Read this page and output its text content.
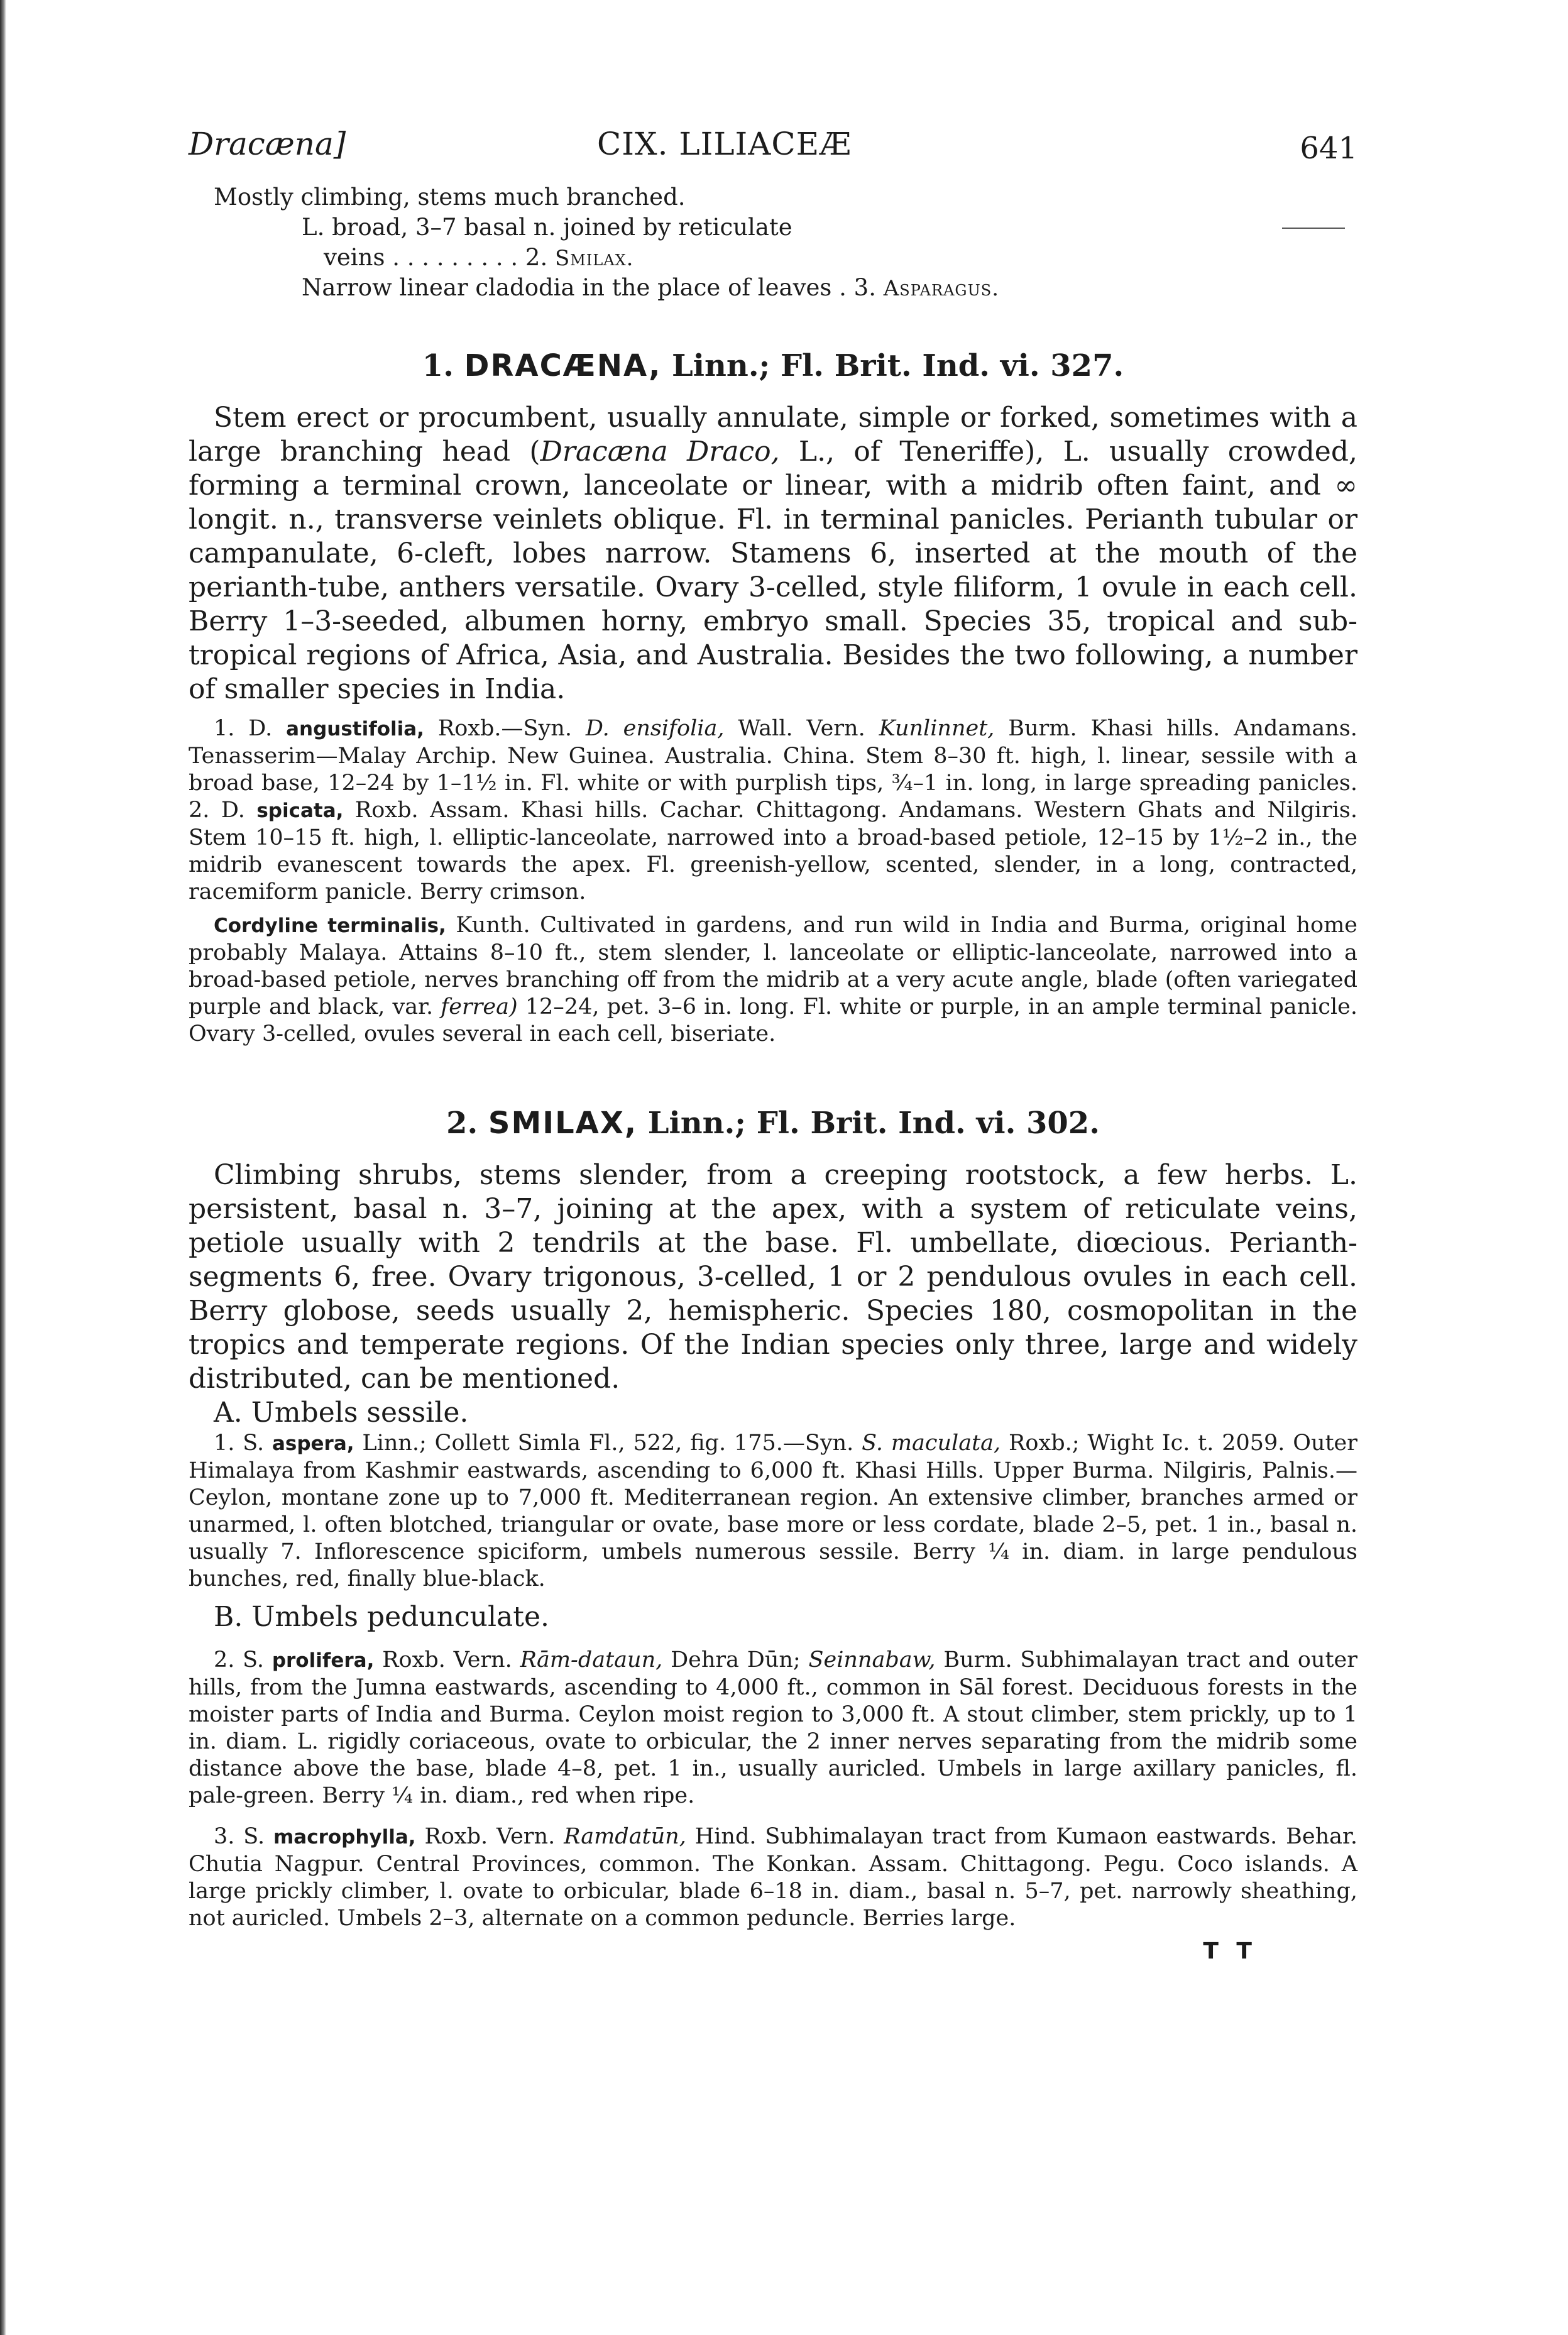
Dracæna]	CIX. LILIACEÆ	641
Mostly climbing, stems much branched.
L. broad, 3–7 basal n. joined by reticulate
veins . . . . . . . . . 2. Smilax.
Narrow linear cladodia in the place of leaves . 3. Asparagus.
1. DRACÆNA, Linn.; Fl. Brit. Ind. vi. 327.

Stem erect or procumbent, usually annulate, simple or forked, sometimes with a large branching head (Dracæna Draco, L., of Teneriffe), L. usually crowded, forming a terminal crown, lanceolate or linear, with a midrib often faint, and ∞ longit. n., transverse veinlets oblique. Fl. in terminal panicles. Perianth tubular or campanulate, 6-cleft, lobes narrow. Stamens 6, inserted at the mouth of the perianth-tube, anthers versatile. Ovary 3-celled, style filiform, 1 ovule in each cell. Berry 1–3-seeded, albumen horny, embryo small. Species 35, tropical and sub-tropical regions of Africa, Asia, and Australia. Besides the two following, a number of smaller species in India.

1. D. angustifolia, Roxb.—Syn. D. ensifolia, Wall. Vern. Kunlinnet, Burm. Khasi hills. Andamans. Tenasserim—Malay Archip. New Guinea. Australia. China. Stem 8–30 ft. high, l. linear, sessile with a broad base, 12–24 by 1–1½ in. Fl. white or with purplish tips, ¾–1 in. long, in large spreading panicles. 2. D. spicata, Roxb. Assam. Khasi hills. Cachar. Chittagong. Andamans. Western Ghats and Nilgiris. Stem 10–15 ft. high, l. elliptic-lanceolate, narrowed into a broad-based petiole, 12–15 by 1½–2 in., the midrib evanescent towards the apex. Fl. greenish-yellow, scented, slender, in a long, contracted, racemiform panicle. Berry crimson.

Cordyline terminalis, Kunth. Cultivated in gardens, and run wild in India and Burma, original home probably Malaya. Attains 8–10 ft., stem slender, l. lanceolate or elliptic-lanceolate, narrowed into a broad-based petiole, nerves branching off from the midrib at a very acute angle, blade (often variegated purple and black, var. ferrea) 12–24, pet. 3–6 in. long. Fl. white or purple, in an ample terminal panicle. Ovary 3-celled, ovules several in each cell, biseriate.

2. SMILAX, Linn.; Fl. Brit. Ind. vi. 302.

Climbing shrubs, stems slender, from a creeping rootstock, a few herbs. L. persistent, basal n. 3–7, joining at the apex, with a system of reticulate veins, petiole usually with 2 tendrils at the base. Fl. umbellate, diœcious. Perianth-segments 6, free. Ovary trigonous, 3-celled, 1 or 2 pendulous ovules in each cell. Berry globose, seeds usually 2, hemispheric. Species 180, cosmopolitan in the tropics and temperate regions. Of the Indian species only three, large and widely distributed, can be mentioned.

A. Umbels sessile.

1. S. aspera, Linn.; Collett Simla Fl., 522, fig. 175.—Syn. S. maculata, Roxb.; Wight Ic. t. 2059. Outer Himalaya from Kashmir eastwards, ascending to 6,000 ft. Khasi Hills. Upper Burma. Nilgiris, Palnis.—Ceylon, montane zone up to 7,000 ft. Mediterranean region. An extensive climber, branches armed or unarmed, l. often blotched, triangular or ovate, base more or less cordate, blade 2–5, pet. 1 in., basal n. usually 7. Inflorescence spiciform, umbels numerous sessile. Berry ¼ in. diam. in large pendulous bunches, red, finally blue-black.

B. Umbels pedunculate.

2. S. prolifera, Roxb. Vern. Rām-dataun, Dehra Dūn; Seinnabaw, Burm. Subhimalayan tract and outer hills, from the Jumna eastwards, ascending to 4,000 ft., common in Sāl forest. Deciduous forests in the moister parts of India and Burma. Ceylon moist region to 3,000 ft. A stout climber, stem prickly, up to 1 in. diam. L. rigidly coriaceous, ovate to orbicular, the 2 inner nerves separating from the midrib some distance above the base, blade 4–8, pet. 1 in., usually auricled. Umbels in large axillary panicles, fl. pale-green. Berry ¼ in. diam., red when ripe.

3. S. macrophylla, Roxb. Vern. Ramdatūn, Hind. Subhimalayan tract from Kumaon eastwards. Behar. Chutia Nagpur. Central Provinces, common. The Konkan. Assam. Chittagong. Pegu. Coco islands. A large prickly climber, l. ovate to orbicular, blade 6–18 in. diam., basal n. 5–7, pet. narrowly sheathing, not auricled. Umbels 2–3, alternate on a common peduncle. Berries large.

T T
